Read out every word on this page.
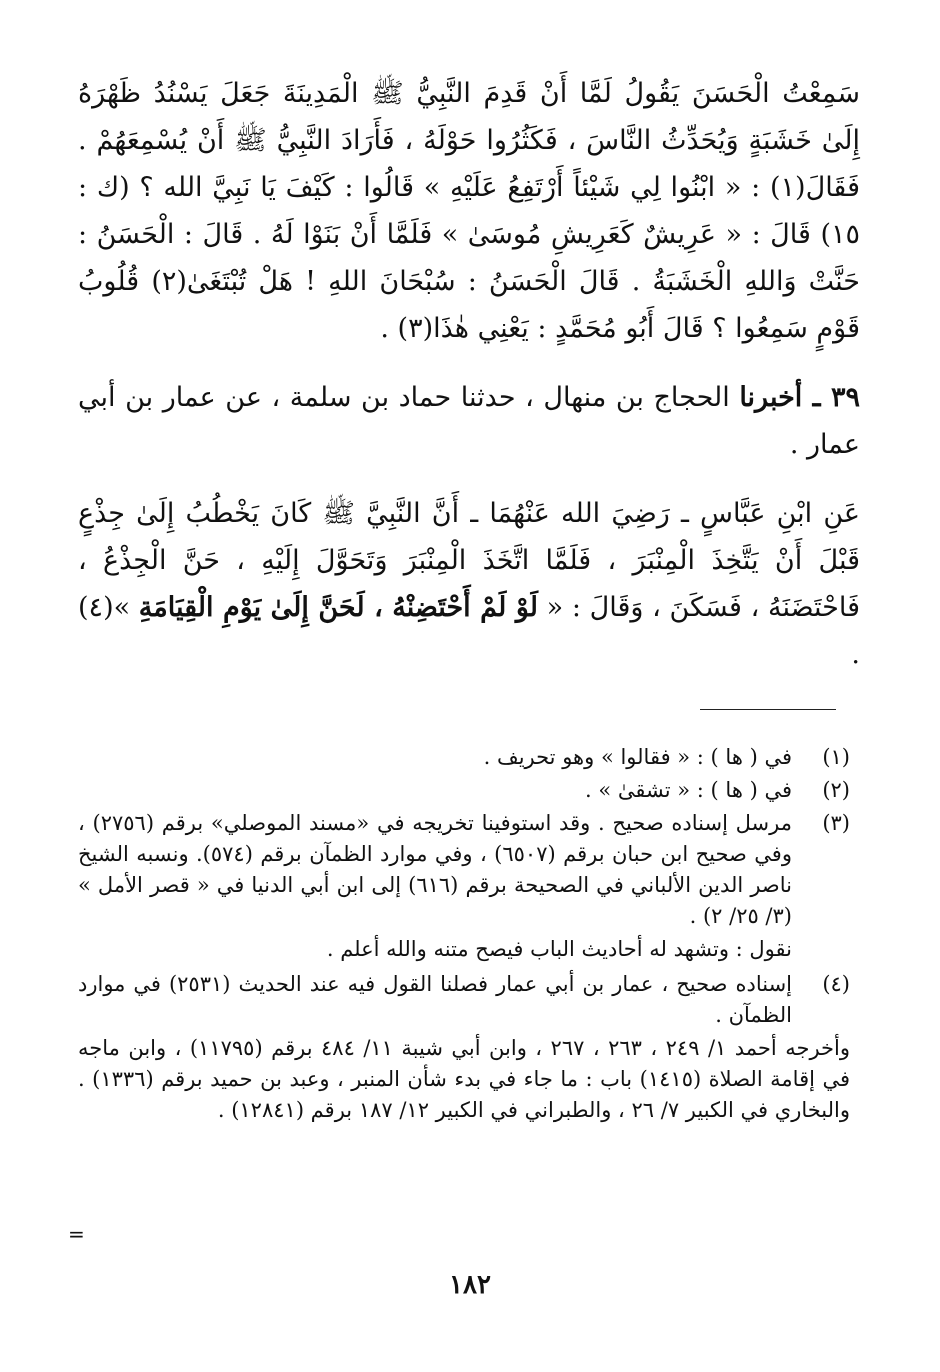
سَمِعْتُ الْحَسَنَ يَقُولُ لَمَّا أَنْ قَدِمَ النَّبِيُّ ﷺ الْمَدِينَةَ جَعَلَ يَسْنُدُ ظَهْرَهُ إِلَىٰ خَشَبَةٍ وَيُحَدِّثُ النَّاسَ ، فَكَثُرُوا حَوْلَهُ ، فَأَرَادَ النَّبِيُّ ﷺ أَنْ يُسْمِعَهُمْ . فَقَالَ(١) : « ابْنُوا لِي شَيْئاً أَرْتَفِعُ عَلَيْهِ » قَالُوا : كَيْفَ يَا نَبِيَّ الله ؟ (ك : ١٥) قَالَ : « عَرِيشٌ كَعَرِيشِ مُوسَىٰ » فَلَمَّا أَنْ بَنَوْا لَهُ . قَالَ : الْحَسَنُ : حَنَّتْ وَاللهِ الْخَشَبَةُ . قَالَ الْحَسَنُ : سُبْحَانَ اللهِ ! هَلْ تُبْتَغَىٰ(٢) قُلُوبُ قَوْمٍ سَمِعُوا ؟ قَالَ أَبُو مُحَمَّدٍ : يَعْنِي هٰذَا(٣) .

٣٩ ـ أخبرنا الحجاج بن منهال ، حدثنا حماد بن سلمة ، عن عمار بن أبي عمار .

عَنِ ابْنِ عَبَّاسٍ ـ رَضِيَ الله عَنْهُمَا ـ أَنَّ النَّبِيَّ ﷺ كَانَ يَخْطُبُ إِلَىٰ جِذْعٍ قَبْلَ أَنْ يَتَّخِذَ الْمِنْبَرَ ، فَلَمَّا اتَّخَذَ الْمِنْبَرَ وَتَحَوَّلَ إِلَيْهِ ، حَنَّ الْجِذْعُ ، فَاحْتَضَنَهُ ، فَسَكَنَ ، وَقَالَ : « لَوْ لَمْ أَحْتَضِنْهُ ، لَحَنَّ إِلَىٰ يَوْمِ الْقِيَامَةِ »(٤) .

(١)
في ( ها ) : « فقالوا » وهو تحريف .
(٢)
في ( ها ) : « تشقىٰ » .
(٣)
مرسل إسناده صحيح . وقد استوفينا تخريجه في «مسند الموصلي» برقم (٢٧٥٦) ، وفي صحيح ابن حبان برقم (٦٥٠٧) ، وفي موارد الظمآن برقم (٥٧٤). ونسبه الشيخ ناصر الدين الألباني في الصحيحة برقم (٦١٦) إلى ابن أبي الدنيا في « قصر الأمل » (٣/ ٢٥/ ٢) .
نقول : وتشهد له أحاديث الباب فيصح متنه والله أعلم .
(٤)
إسناده صحيح ، عمار بن أبي عمار فصلنا القول فيه عند الحديث (٢٥٣١) في موارد الظمآن .
وأخرجه أحمد ١/ ٢٤٩ ، ٢٦٣ ، ٢٦٧ ، وابن أبي شيبة ١١/ ٤٨٤ برقم (١١٧٩٥) ، وابن ماجه في إقامة الصلاة (١٤١٥) باب : ما جاء في بدء شأن المنبر ، وعبد بن حميد برقم (١٣٣٦) . والبخاري في الكبير ٧/ ٢٦ ، والطبراني في الكبير ١٢/ ١٨٧ برقم (١٢٨٤١) .
=
١٨٢
